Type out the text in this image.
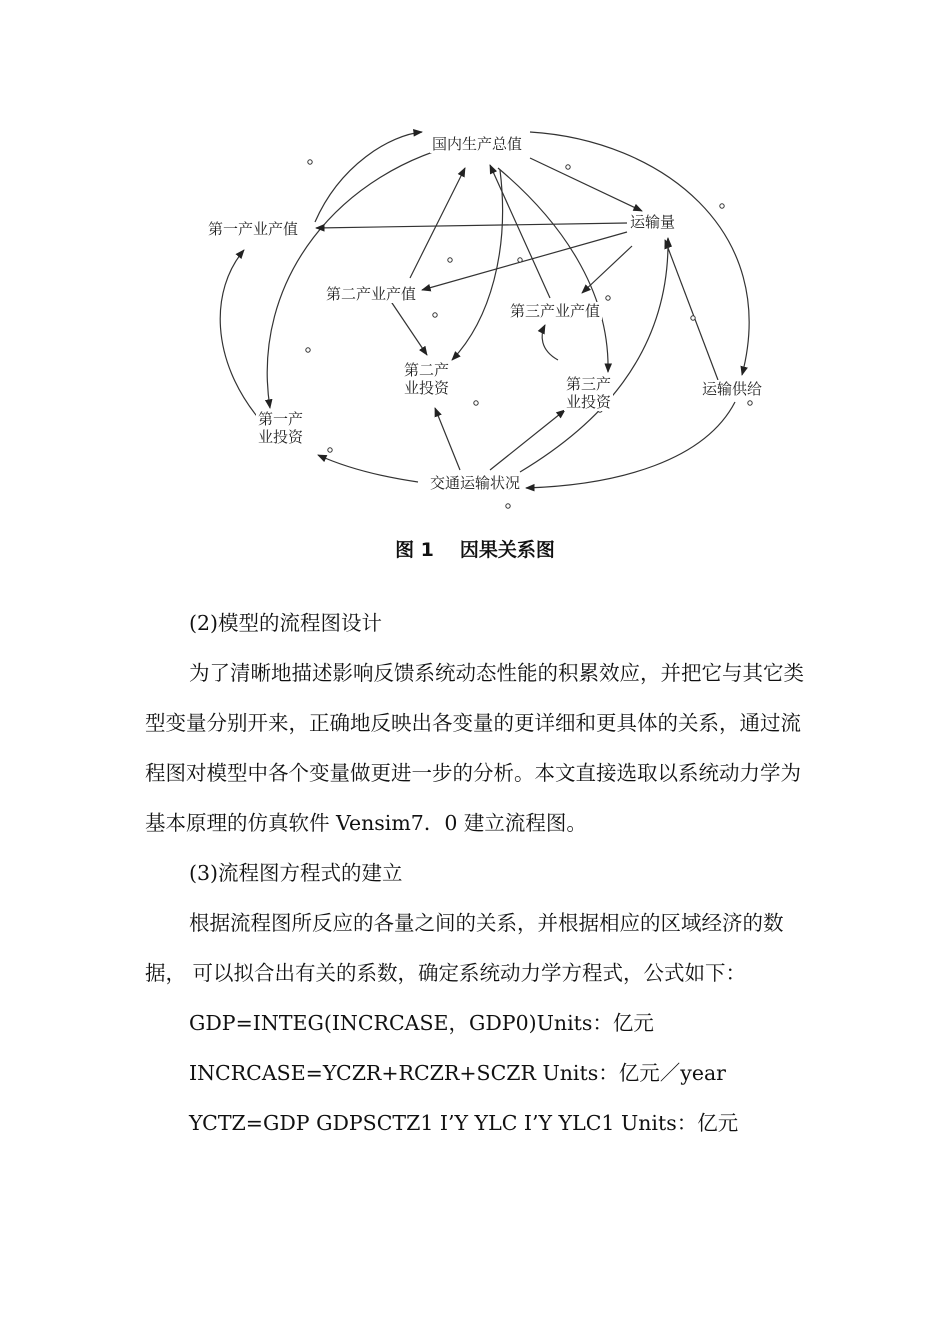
国内生产总值
运输量
第一产业产值
第二产业产值
第三产业产值
第二产
业投资	第三产
业投资
运输供给
第一产
业投资
交通运输状况
图 1 因果关系图

(2)模型的流程图设计

为了清晰地描述影响反馈系统动态性能的积累效应，并把它与其它类型变量分别开来，正确地反映出各变量的更详细和更具体的关系，通过流程图对模型中各个变量做更进一步的分析。本文直接选取以系统动力学为基本原理的仿真软件 Vensim7．0 建立流程图。

(3)流程图方程式的建立

根据流程图所反应的各量之间的关系，并根据相应的区域经济的数据， 可以拟合出有关的系数，确定系统动力学方程式，公式如下：

GDP=INTEG(INCRCASE，GDP0)Units：亿元

INCRCASE=YCZR+RCZR+SCZR Units：亿元／year

YCTZ=GDP GDPSCTZ1 I’Y YLC I’Y YLC1 Units：亿元
